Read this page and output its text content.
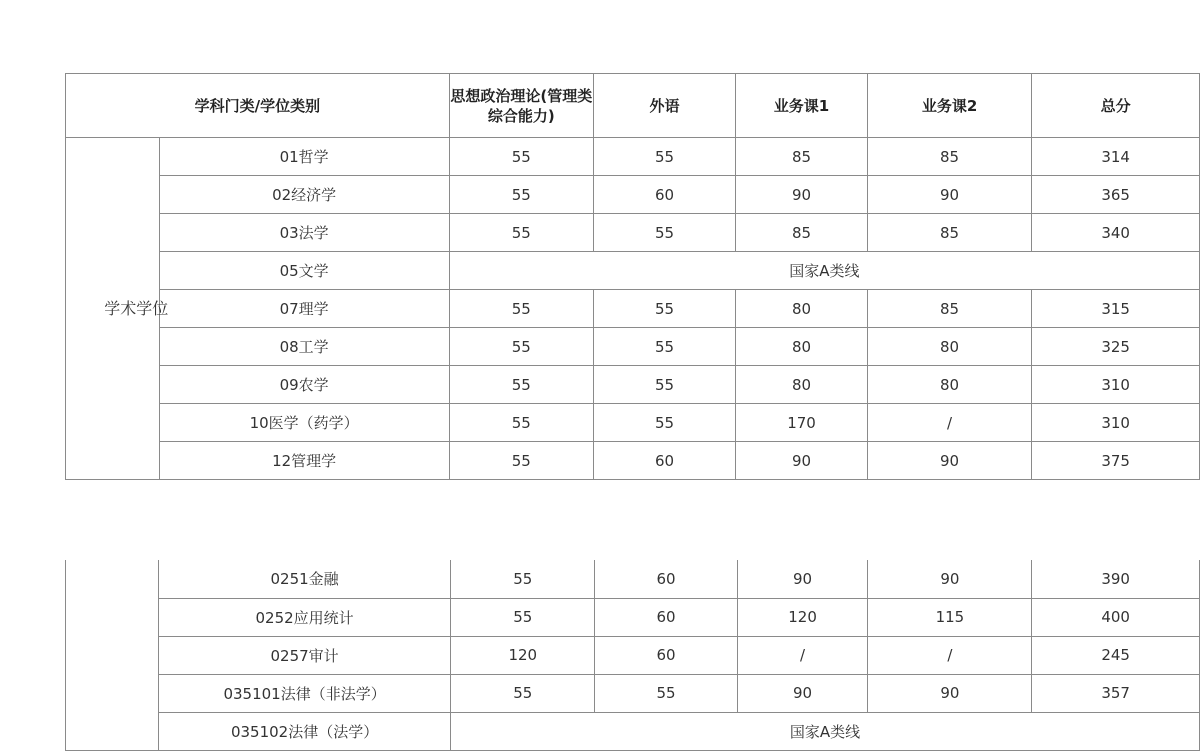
学科门类/学位类别		思想政治理论(管理类综合能力)	外语	业务课1	业务课2	总分

学术学位	01哲学	55	55	85	85	314
	02经济学	55	60	90	90	365
	03法学	55	55	85	85	340
	05文学	国家A类线				
	07理学	55	55	80	85	315
	08工学	55	55	80	80	325
	09农学	55	55	80	80	310
	10医学（药学）	55	55	170	/	310
	12管理学	55	60	90	90	375
	0251金融	55	60	90	90	390
	0252应用统计	55	60	120	115	400
	0257审计	120	60	/	/	245
	035101法律（非法学）	55	55	90	90	357
	035102法律（法学）	国家A类线				
